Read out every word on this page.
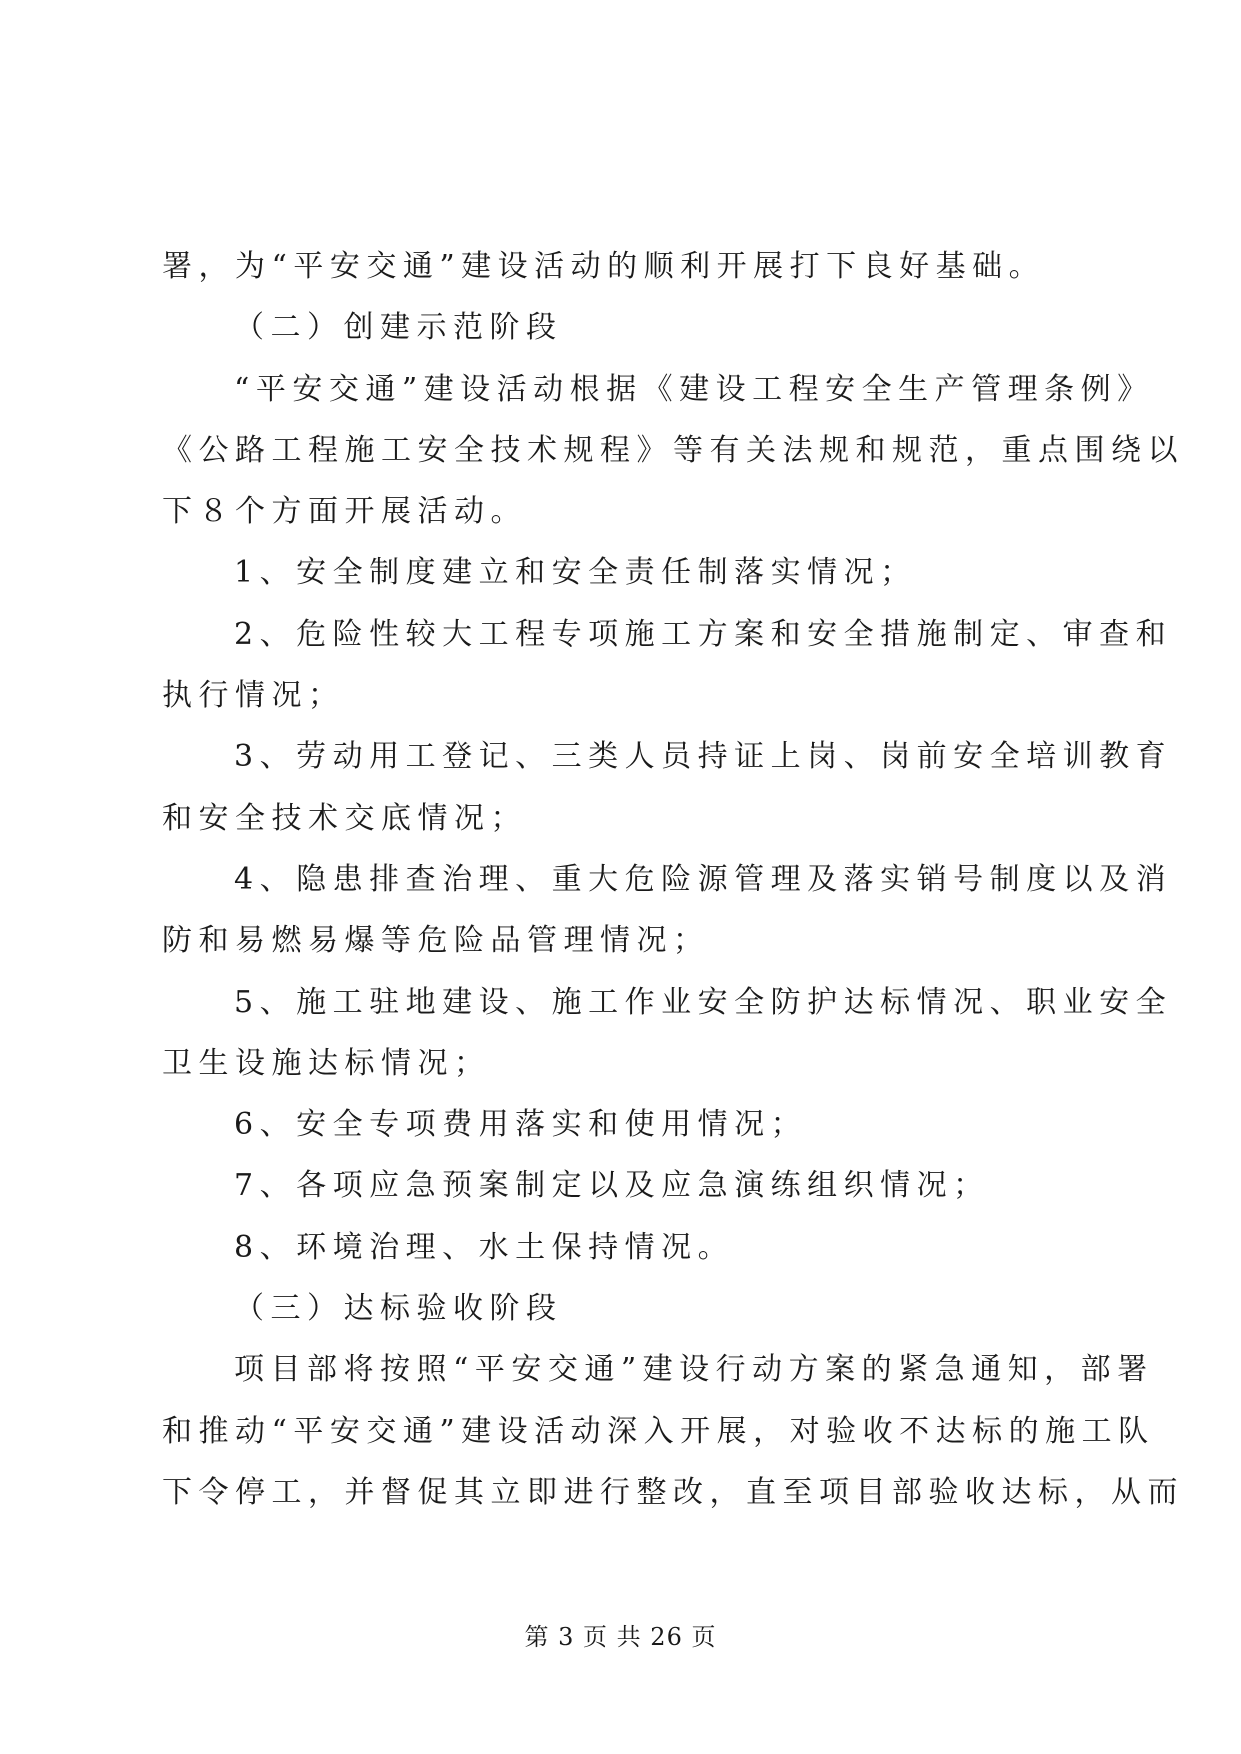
署，为“平安交通”建设活动的顺利开展打下良好基础。
（二）创建示范阶段
“平安交通”建设活动根据《建设工程安全生产管理条例》
《公路工程施工安全技术规程》等有关法规和规范，重点围绕以
下８个方面开展活动。
1、安全制度建立和安全责任制落实情况；
2、危险性较大工程专项施工方案和安全措施制定、审查和
执行情况；
3、劳动用工登记、三类人员持证上岗、岗前安全培训教育
和安全技术交底情况；
4、隐患排查治理、重大危险源管理及落实销号制度以及消
防和易燃易爆等危险品管理情况；
5、施工驻地建设、施工作业安全防护达标情况、职业安全
卫生设施达标情况；
6、安全专项费用落实和使用情况；
7、各项应急预案制定以及应急演练组织情况；
8、环境治理、水土保持情况。
（三）达标验收阶段
项目部将按照“平安交通”建设行动方案的紧急通知，部署
和推动“平安交通”建设活动深入开展，对验收不达标的施工队
下令停工，并督促其立即进行整改，直至项目部验收达标，从而
第 3 页 共 26 页
